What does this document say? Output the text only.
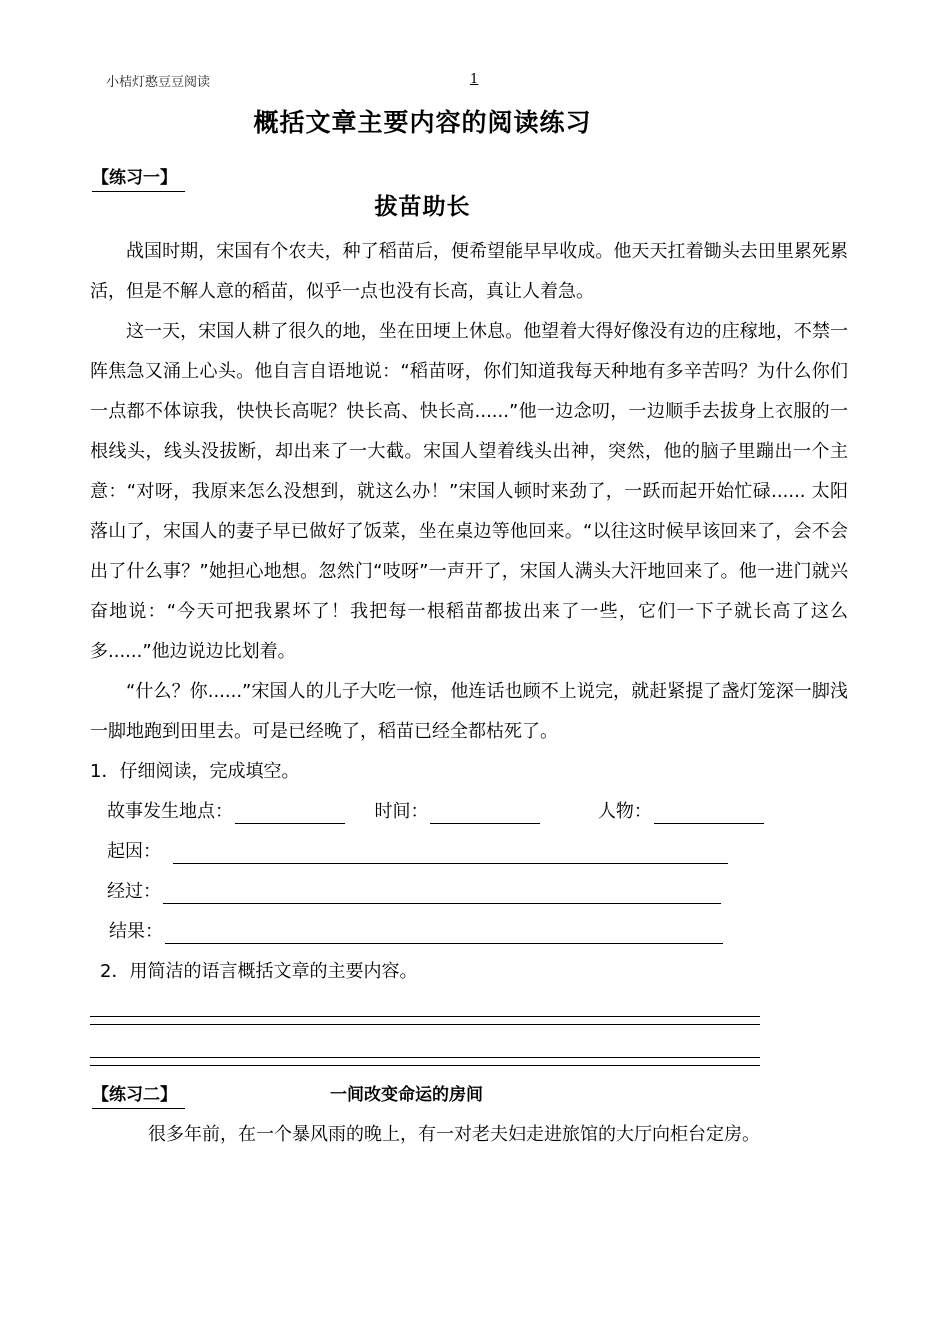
小桔灯憨豆豆阅读	1
概括文章主要内容的阅读练习
【练习一】
拔苗助长

战国时期，宋国有个农夫，种了稻苗后，便希望能早早收成。他天天扛着锄头去田里累死累活，但是不解人意的稻苗，似乎一点也没有长高，真让人着急。

这一天，宋国人耕了很久的地，坐在田埂上休息。他望着大得好像没有边的庄稼地，不禁一阵焦急又涌上心头。他自言自语地说：“稻苗呀，你们知道我每天种地有多辛苦吗？为什么你们一点都不体谅我，快快长高呢？快长高、快长高......”他一边念叨，一边顺手去拔身上衣服的一根线头，线头没拔断，却出来了一大截。宋国人望着线头出神，突然，他的脑子里蹦出一个主意：“对呀，我原来怎么没想到，就这么办！”宋国人顿时来劲了，一跃而起开始忙碌...... 太阳落山了，宋国人的妻子早已做好了饭菜，坐在桌边等他回来。“以往这时候早该回来了，会不会出了什么事？”她担心地想。忽然门“吱呀”一声开了，宋国人满头大汗地回来了。他一进门就兴奋地说：“今天可把我累坏了！我把每一根稻苗都拔出来了一些，它们一下子就长高了这么多......”他边说边比划着。

“什么？你......”宋国人的儿子大吃一惊，他连话也顾不上说完，就赶紧提了盏灯笼深一脚浅一脚地跑到田里去。可是已经晚了，稻苗已经全都枯死了。

1．仔细阅读，完成填空。
故事发生地点：	时间：	人物：
起因：
经过：
结果：
2．用简洁的语言概括文章的主要内容。
【练习二】	一间改变命运的房间
很多年前，在一个暴风雨的晚上，有一对老夫妇走进旅馆的大厅向柜台定房。
